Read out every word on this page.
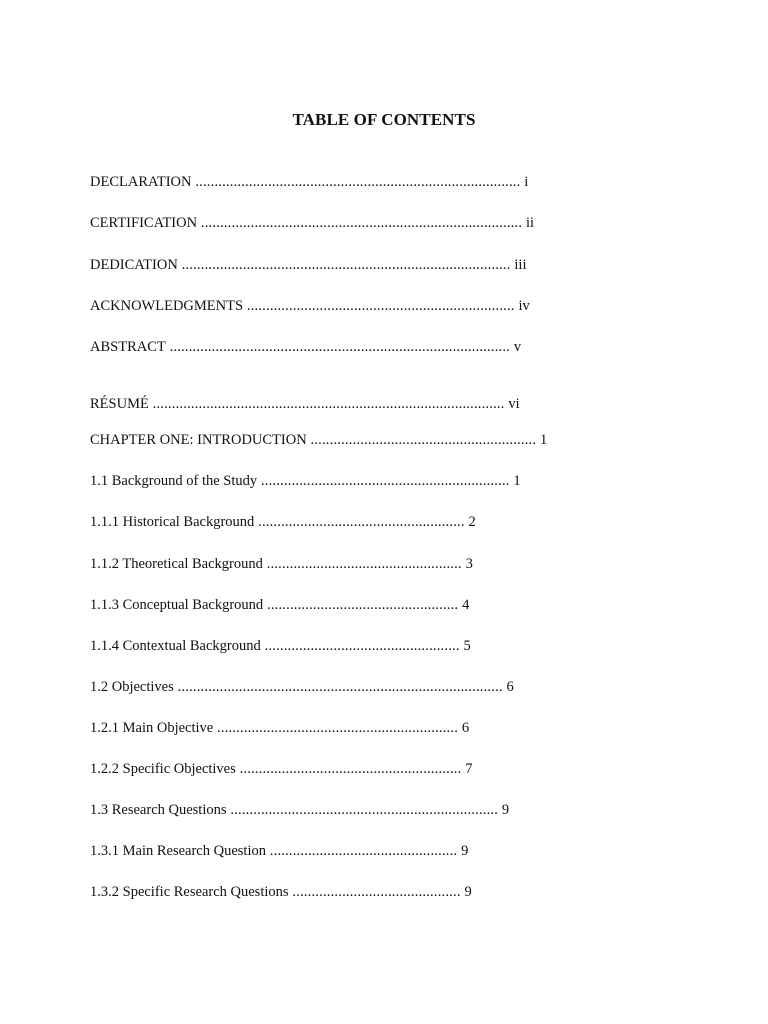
TABLE OF CONTENTS
DECLARATION ..................................................................................... i
CERTIFICATION .................................................................................... ii
DEDICATION ...................................................................................... iii
ACKNOWLEDGMENTS ...................................................................... iv
ABSTRACT ......................................................................................... v
RÉSUMÉ ............................................................................................ vi
CHAPTER ONE: INTRODUCTION ........................................................... 1
1.1 Background of the Study ................................................................. 1
1.1.1 Historical Background ...................................................... 2
1.1.2 Theoretical Background ................................................... 3
1.1.3 Conceptual Background .................................................. 4
1.1.4 Contextual Background ................................................... 5
1.2 Objectives ..................................................................................... 6
1.2.1 Main Objective ............................................................... 6
1.2.2 Specific Objectives .......................................................... 7
1.3 Research Questions ...................................................................... 9
1.3.1 Main Research Question ................................................. 9
1.3.2 Specific Research Questions ............................................ 9
